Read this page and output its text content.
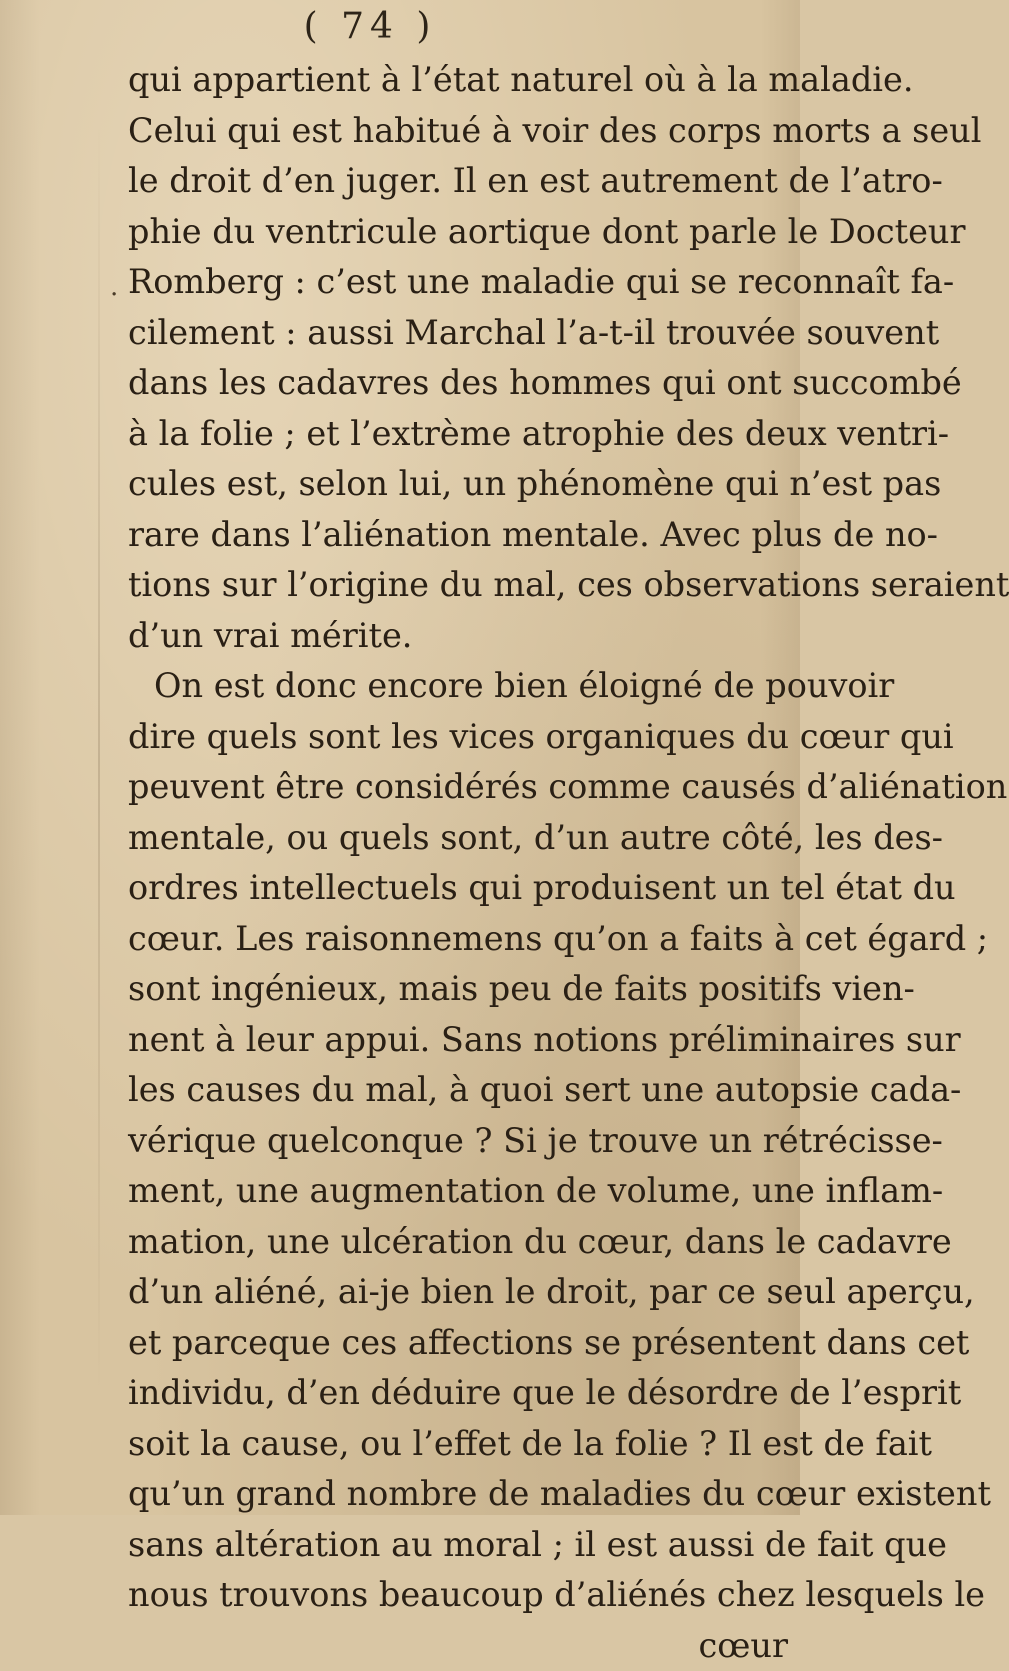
( 74 )
.
qui appartient à l’état naturel où à la maladie.
Celui qui est habitué à voir des corps morts a seul
le droit d’en juger. Il en est autrement de l’atro-
phie du ventricule aortique dont parle le Docteur
Romberg : c’est une maladie qui se reconnaît fa-
cilement : aussi Marchal l’a-t-il trouvée souvent
dans les cadavres des hommes qui ont succombé
à la folie ; et l’extrème atrophie des deux ventri-
cules est, selon lui, un phénomène qui n’est pas
rare dans l’aliénation mentale. Avec plus de no-
tions sur l’origine du mal, ces observations seraient
d’un vrai mérite.
On est donc encore bien éloigné de pouvoir
dire quels sont les vices organiques du cœur qui
peuvent être considérés comme causés d’aliénation
mentale, ou quels sont, d’un autre côté, les des-
ordres intellectuels qui produisent un tel état du
cœur. Les raisonnemens qu’on a faits à cet égard ;
sont ingénieux, mais peu de faits positifs vien-
nent à leur appui. Sans notions préliminaires sur
les causes du mal, à quoi sert une autopsie cada-
vérique quelconque ? Si je trouve un rétrécisse-
ment, une augmentation de volume, une inflam-
mation, une ulcération du cœur, dans le cadavre
d’un aliéné, ai-je bien le droit, par ce seul aperçu,
et parceque ces affections se présentent dans cet
individu, d’en déduire que le désordre de l’esprit
soit la cause, ou l’effet de la folie ? Il est de fait
qu’un grand nombre de maladies du cœur existent
sans altération au moral ; il est aussi de fait que
nous trouvons beaucoup d’aliénés chez lesquels le
cœur
